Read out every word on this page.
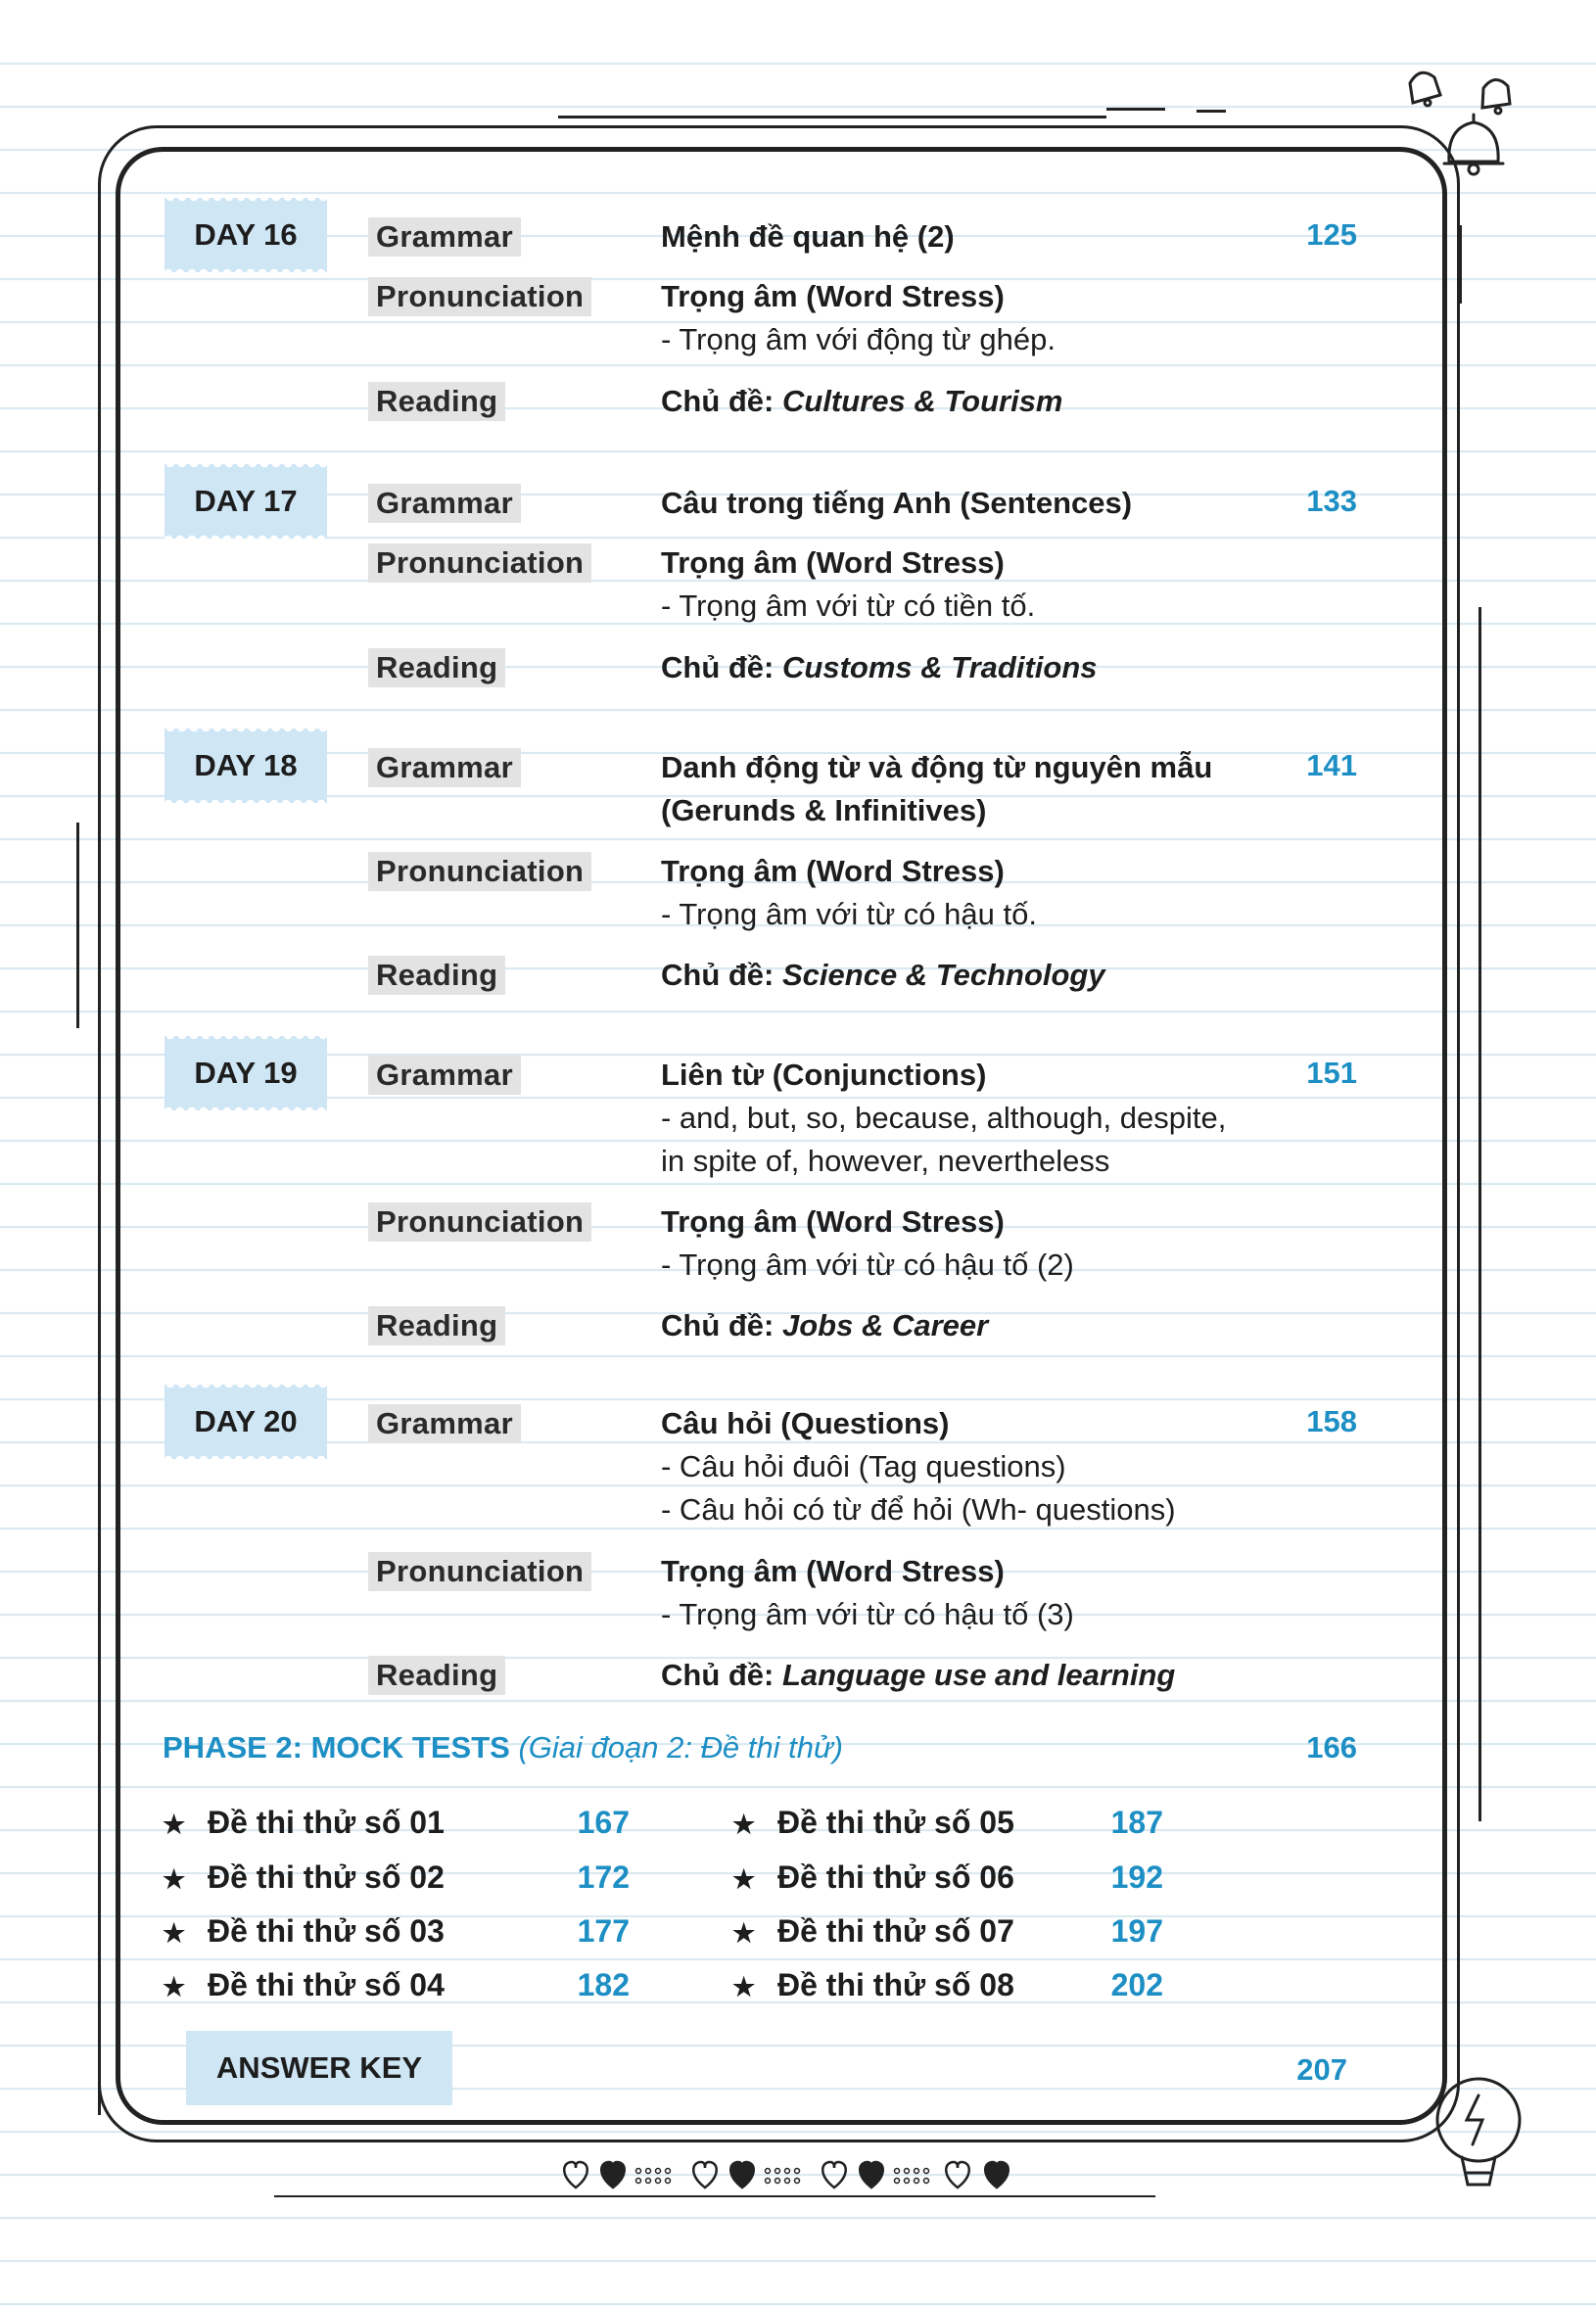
DAY 16	125
Grammar	Mệnh đề quan hệ (2)
Pronunciation	Trọng âm (Word Stress)
- Trọng âm với động từ ghép.
Reading	Chủ đề: Cultures & Tourism
DAY 17	133
Grammar	Câu trong tiếng Anh (Sentences)
Pronunciation	Trọng âm (Word Stress)
- Trọng âm với từ có tiền tố.
Reading	Chủ đề: Customs & Traditions
DAY 18	141
Grammar	Danh động từ và động từ nguyên mẫu
(Gerunds & Infinitives)
Pronunciation	Trọng âm (Word Stress)
- Trọng âm với từ có hậu tố.
Reading	Chủ đề: Science & Technology
DAY 19	151
Grammar	Liên từ (Conjunctions)
- and, but, so, because, although, despite,
in spite of, however, nevertheless
Pronunciation	Trọng âm (Word Stress)
- Trọng âm với từ có hậu tố (2)
Reading	Chủ đề: Jobs & Career
DAY 20	158
Grammar	Câu hỏi (Questions)
- Câu hỏi đuôi (Tag questions)
- Câu hỏi có từ để hỏi (Wh- questions)
Pronunciation	Trọng âm (Word Stress)
- Trọng âm với từ có hậu tố (3)
Reading	Chủ đề: Language use and learning
PHASE 2: MOCK TESTS (Giai đoạn 2: Đề thi thử)	166
★ Đề thi thử số 01	167
★ Đề thi thử số 02	172
★ Đề thi thử số 03	177
★ Đề thi thử số 04	182
★ Đề thi thử số 05	187
★ Đề thi thử số 06	192
★ Đề thi thử số 07	197
★ Đề thi thử số 08	202
ANSWER KEY	207
